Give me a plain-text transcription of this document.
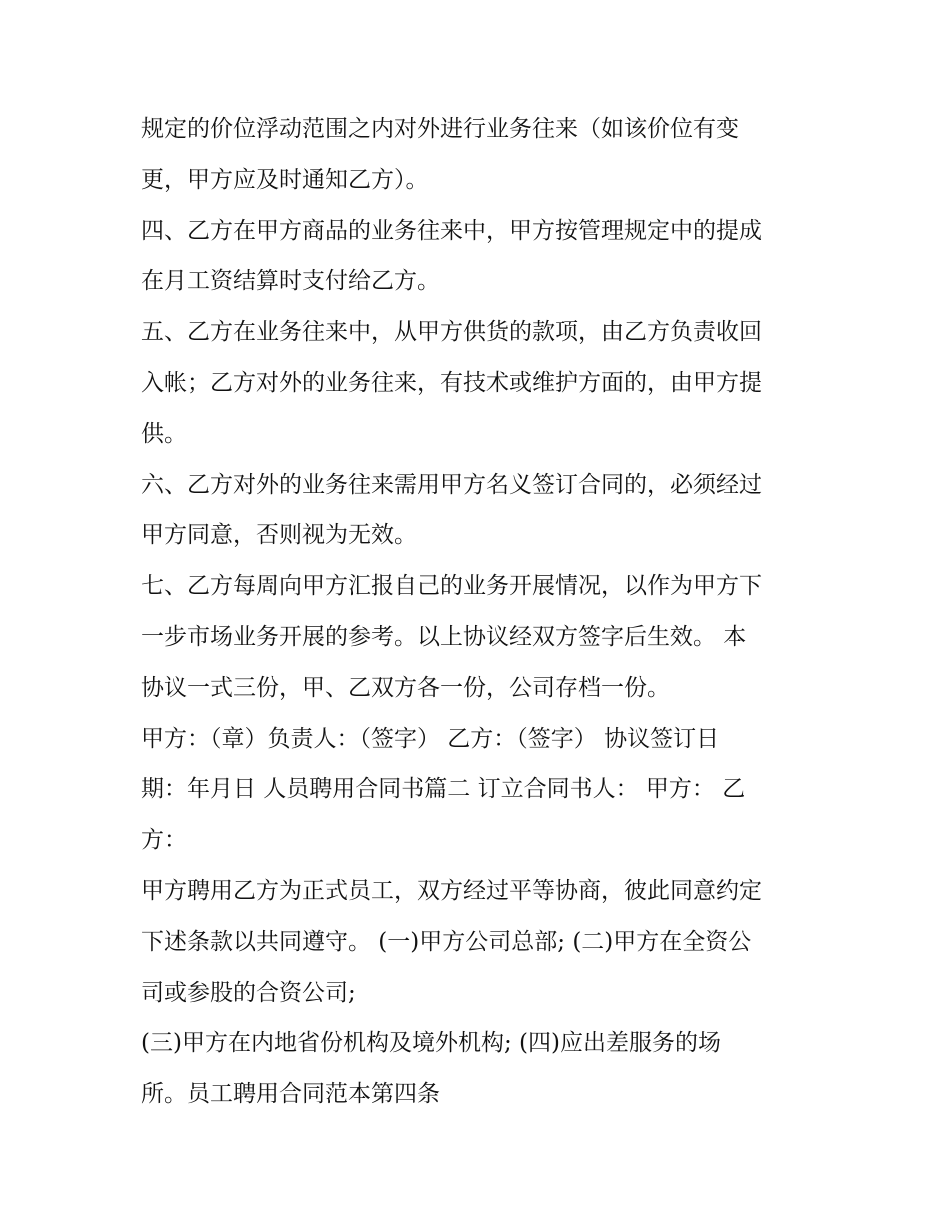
规定的价位浮动范围之内对外进行业务往来（如该价位有变
更，甲方应及时通知乙方）。
四、乙方在甲方商品的业务往来中，甲方按管理规定中的提成
在月工资结算时支付给乙方。
五、乙方在业务往来中，从甲方供货的款项，由乙方负责收回
入帐；乙方对外的业务往来，有技术或维护方面的，由甲方提
供。
六、乙方对外的业务往来需用甲方名义签订合同的，必须经过
甲方同意，否则视为无效。
七、乙方每周向甲方汇报自己的业务开展情况，以作为甲方下
一步市场业务开展的参考。以上协议经双方签字后生效。 本
协议一式三份，甲、乙双方各一份，公司存档一份。
甲方：（章）负责人：（签字） 乙方：（签字） 协议签订日
期：年月日 人员聘用合同书篇二 订立合同书人： 甲方： 乙
方：
甲方聘用乙方为正式员工，双方经过平等协商，彼此同意约定
下述条款以共同遵守。 (一)甲方公司总部; (二)甲方在全资公
司或参股的合资公司;
(三)甲方在内地省份机构及境外机构; (四)应出差服务的场
所。员工聘用合同范本第四条
